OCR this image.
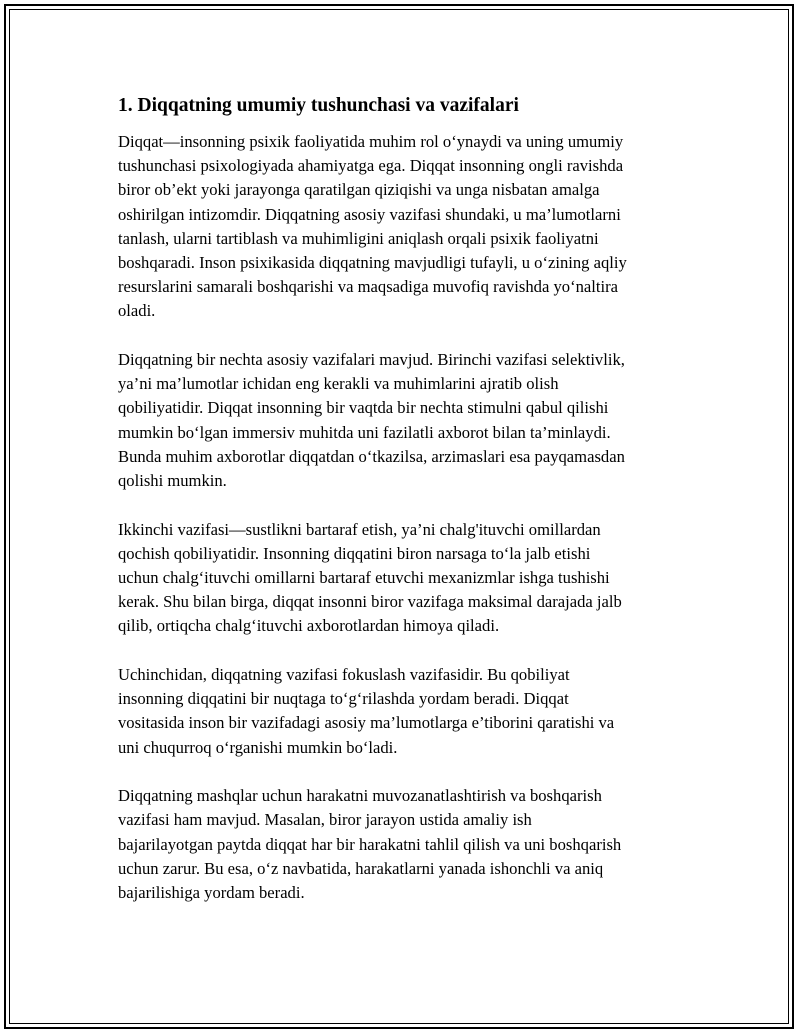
1. Diqqatning umumiy tushunchasi va vazifalari

Diqqat—insonning psixik faoliyatida muhim rol o‘ynaydi va uning umumiy
tushunchasi psixologiyada ahamiyatga ega. Diqqat insonning ongli ravishda
biror ob’ekt yoki jarayonga qaratilgan qiziqishi va unga nisbatan amalga
oshirilgan intizomdir. Diqqatning asosiy vazifasi shundaki, u ma’lumotlarni
tanlash, ularni tartiblash va muhimligini aniqlash orqali psixik faoliyatni
boshqaradi. Inson psixikasida diqqatning mavjudligi tufayli, u o‘zining aqliy
resurslarini samarali boshqarishi va maqsadiga muvofiq ravishda yo‘naltira
oladi.

Diqqatning bir nechta asosiy vazifalari mavjud. Birinchi vazifasi selektivlik,
ya’ni ma’lumotlar ichidan eng kerakli va muhimlarini ajratib olish
qobiliyatidir. Diqqat insonning bir vaqtda bir nechta stimulni qabul qilishi
mumkin bo‘lgan immersiv muhitda uni fazilatli axborot bilan ta’minlaydi.
Bunda muhim axborotlar diqqatdan o‘tkazilsa, arzimaslari esa payqamasdan
qolishi mumkin.

Ikkinchi vazifasi—sustlikni bartaraf etish, ya’ni chalg'ituvchi omillardan
qochish qobiliyatidir. Insonning diqqatini biron narsaga to‘la jalb etishi
uchun chalg‘ituvchi omillarni bartaraf etuvchi mexanizmlar ishga tushishi
kerak. Shu bilan birga, diqqat insonni biror vazifaga maksimal darajada jalb
qilib, ortiqcha chalg‘ituvchi axborotlardan himoya qiladi.

Uchinchidan, diqqatning vazifasi fokuslash vazifasidir. Bu qobiliyat
insonning diqqatini bir nuqtaga to‘g‘rilashda yordam beradi. Diqqat
vositasida inson bir vazifadagi asosiy ma’lumotlarga e’tiborini qaratishi va
uni chuqurroq o‘rganishi mumkin bo‘ladi.

Diqqatning mashqlar uchun harakatni muvozanatlashtirish va boshqarish
vazifasi ham mavjud. Masalan, biror jarayon ustida amaliy ish
bajarilayotgan paytda diqqat har bir harakatni tahlil qilish va uni boshqarish
uchun zarur. Bu esa, o‘z navbatida, harakatlarni yanada ishonchli va aniq
bajarilishiga yordam beradi.
